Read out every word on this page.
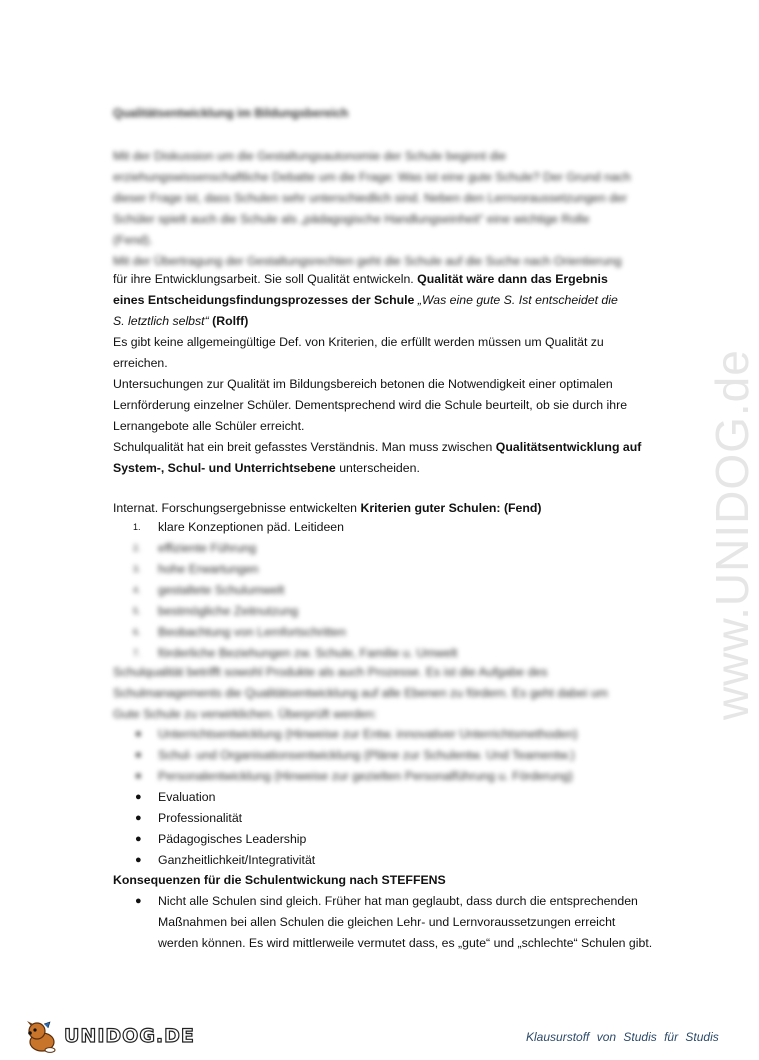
Qualitätsentwicklung im Bildungsbereich
Mit der Diskussion um die Gestaltungsautonomie der Schule beginnt die
erziehungswissenschaftliche Debatte um die Frage: Was ist eine gute Schule? Der Grund nach
dieser Frage ist, dass Schulen sehr unterschiedlich sind. Neben den Lernvoraussetzungen der
Schüler spielt auch die Schule als „pädagogische Handlungseinheit“ eine wichtige Rolle
(Fend).
Mit der Übertragung der Gestaltungsrechten geht die Schule auf die Suche nach Orientierung
für ihre Entwicklungsarbeit. Sie soll Qualität entwickeln. Qualität wäre dann das Ergebnis
eines Entscheidungsfindungsprozesses der Schule „Was eine gute S. Ist entscheidet die
S. letztlich selbst“ (Rolff)

Es gibt keine allgemeingültige Def. von Kriterien, die erfüllt werden müssen um Qualität zu erreichen.

Untersuchungen zur Qualität im Bildungsbereich betonen die Notwendigkeit einer optimalen Lernförderung einzelner Schüler. Dementsprechend wird die Schule beurteilt, ob sie durch ihre Lernangebote alle Schüler erreicht.

Schulqualität hat ein breit gefasstes Verständnis. Man muss zwischen Qualitätsentwicklung auf System-, Schul- und Unterrichtsebene unterscheiden.

Internat. Forschungsergebnisse entwickelten Kriterien guter Schulen: (Fend)

1. klare Konzeptionen päd. Leitideen
2. effiziente Führung
3. hohe Erwartungen
4. gestaltete Schulumwelt
5. bestmögliche Zeitnutzung
6. Beobachtung von Lernfortschritten
7. förderliche Beziehungen zw. Schule, Familie u. Umwelt
Schulqualität betrifft sowohl Produkte als auch Prozesse. Es ist die Aufgabe des
Schulmanagements die Qualitätsentwicklung auf alle Ebenen zu fördern. Es geht dabei um
Gute Schule zu verwirklichen. Überprüft werden:
● Unterrichtsentwicklung (Hinweise zur Entw. innovativer Unterrichtsmethoden)
● Schul- und Organisationsentwicklung (Pläne zur Schulentw. Und Teamentw.)
● Personalentwicklung (Hinweise zur gezielten Personalführung u. Förderung)
● Evaluation
● Professionalität
● Pädagogisches Leadership
● Ganzheitlichkeit/Integrativität
Konsequenzen für die Schulentwickung nach STEFFENS
● Nicht alle Schulen sind gleich. Früher hat man geglaubt, dass durch die entsprechenden Maßnahmen bei allen Schulen die gleichen Lehr- und Lernvoraussetzungen erreicht werden können. Es wird mittlerweile vermutet dass, es „gute“ und „schlechte“ Schulen gibt.
www.UNIDOG.de
UNIDOG.DE	Klausurstoff von Studis für Studis
